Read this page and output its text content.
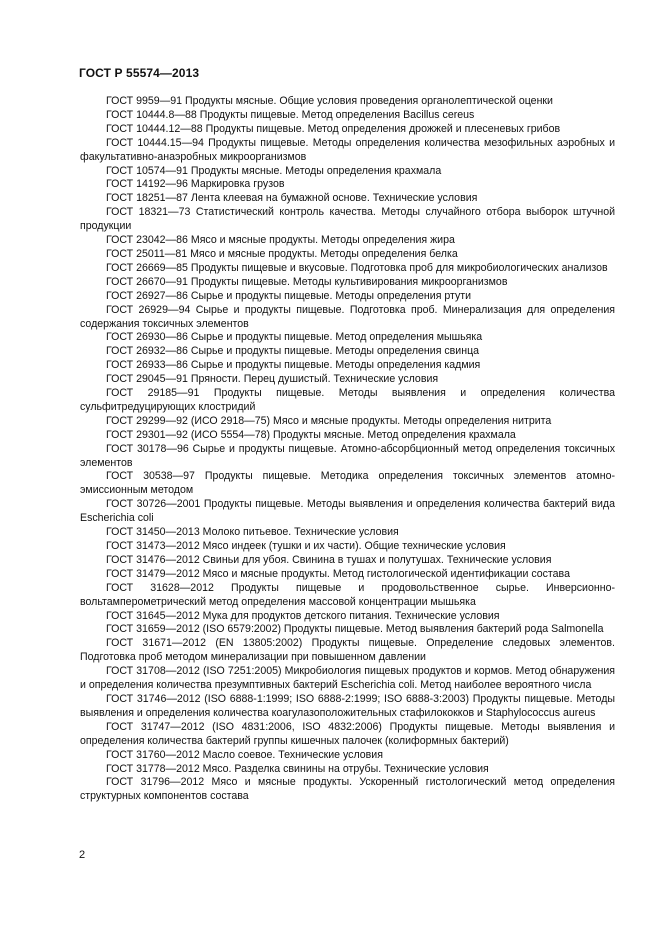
ГОСТ Р 55574—2013

ГОСТ 9959—91 Продукты мясные. Общие условия проведения органолептической оценки

ГОСТ 10444.8—88 Продукты пищевые. Метод определения Bacillus cereus

ГОСТ 10444.12—88 Продукты пищевые. Метод определения дрожжей и плесеневых грибов

ГОСТ 10444.15—94 Продукты пищевые. Методы определения количества мезофильных аэробных и факультативно-анаэробных микроорганизмов

ГОСТ 10574—91 Продукты мясные. Методы определения крахмала

ГОСТ 14192—96 Маркировка грузов

ГОСТ 18251—87 Лента клеевая на бумажной основе. Технические условия

ГОСТ 18321—73 Статистический контроль качества. Методы случайного отбора выборок штучной продукции

ГОСТ 23042—86 Мясо и мясные продукты. Методы определения жира

ГОСТ 25011—81 Мясо и мясные продукты. Методы определения белка

ГОСТ 26669—85 Продукты пищевые и вкусовые. Подготовка проб для микробиологических анализов

ГОСТ 26670—91 Продукты пищевые. Методы культивирования микроорганизмов

ГОСТ 26927—86 Сырье и продукты пищевые. Методы определения ртути

ГОСТ 26929—94 Сырье и продукты пищевые. Подготовка проб. Минерализация для определения содержания токсичных элементов

ГОСТ 26930—86 Сырье и продукты пищевые. Метод определения мышьяка

ГОСТ 26932—86 Сырье и продукты пищевые. Методы определения свинца

ГОСТ 26933—86 Сырье и продукты пищевые. Методы определения кадмия

ГОСТ 29045—91 Пряности. Перец душистый. Технические условия

ГОСТ 29185—91 Продукты пищевые. Методы выявления и определения количества сульфитредуцирующих клостридий

ГОСТ 29299—92 (ИСО 2918—75) Мясо и мясные продукты. Методы определения нитрита

ГОСТ 29301—92 (ИСО 5554—78) Продукты мясные. Метод определения крахмала

ГОСТ 30178—96 Сырье и продукты пищевые. Атомно-абсорбционный метод определения токсичных элементов

ГОСТ 30538—97 Продукты пищевые. Методика определения токсичных элементов атомно-эмиссионным методом

ГОСТ 30726—2001 Продукты пищевые. Методы выявления и определения количества бактерий вида Escherichia coli

ГОСТ 31450—2013 Молоко питьевое. Технические условия

ГОСТ 31473—2012 Мясо индеек (тушки и их части). Общие технические условия

ГОСТ 31476—2012 Свиньи для убоя. Свинина в тушах и полутушах. Технические условия

ГОСТ 31479—2012 Мясо и мясные продукты. Метод гистологической идентификации состава

ГОСТ 31628—2012 Продукты пищевые и продовольственное сырье. Инверсионно-вольтамперометрический метод определения массовой концентрации мышьяка

ГОСТ 31645—2012 Мука для продуктов детского питания. Технические условия

ГОСТ 31659—2012 (ISO 6579:2002) Продукты пищевые. Метод выявления бактерий рода Salmonella

ГОСТ 31671—2012 (EN 13805:2002) Продукты пищевые. Определение следовых элементов. Подготовка проб методом минерализации при повышенном давлении

ГОСТ 31708—2012 (ISO 7251:2005) Микробиология пищевых продуктов и кормов. Метод обнаружения и определения количества презумптивных бактерий Escherichia coli. Метод наиболее вероятного числа

ГОСТ 31746—2012 (ISO 6888-1:1999; ISO 6888-2:1999; ISO 6888-3:2003) Продукты пищевые. Методы выявления и определения количества коагулазоположительных стафилококков и Staphylococcus aureus

ГОСТ 31747—2012 (ISO 4831:2006, ISO 4832:2006) Продукты пищевые. Методы выявления и определения количества бактерий группы кишечных палочек (колиформных бактерий)

ГОСТ 31760—2012 Масло соевое. Технические условия

ГОСТ 31778—2012 Мясо. Разделка свинины на отрубы. Технические условия

ГОСТ 31796—2012 Мясо и мясные продукты. Ускоренный гистологический метод определения структурных компонентов состава

2
